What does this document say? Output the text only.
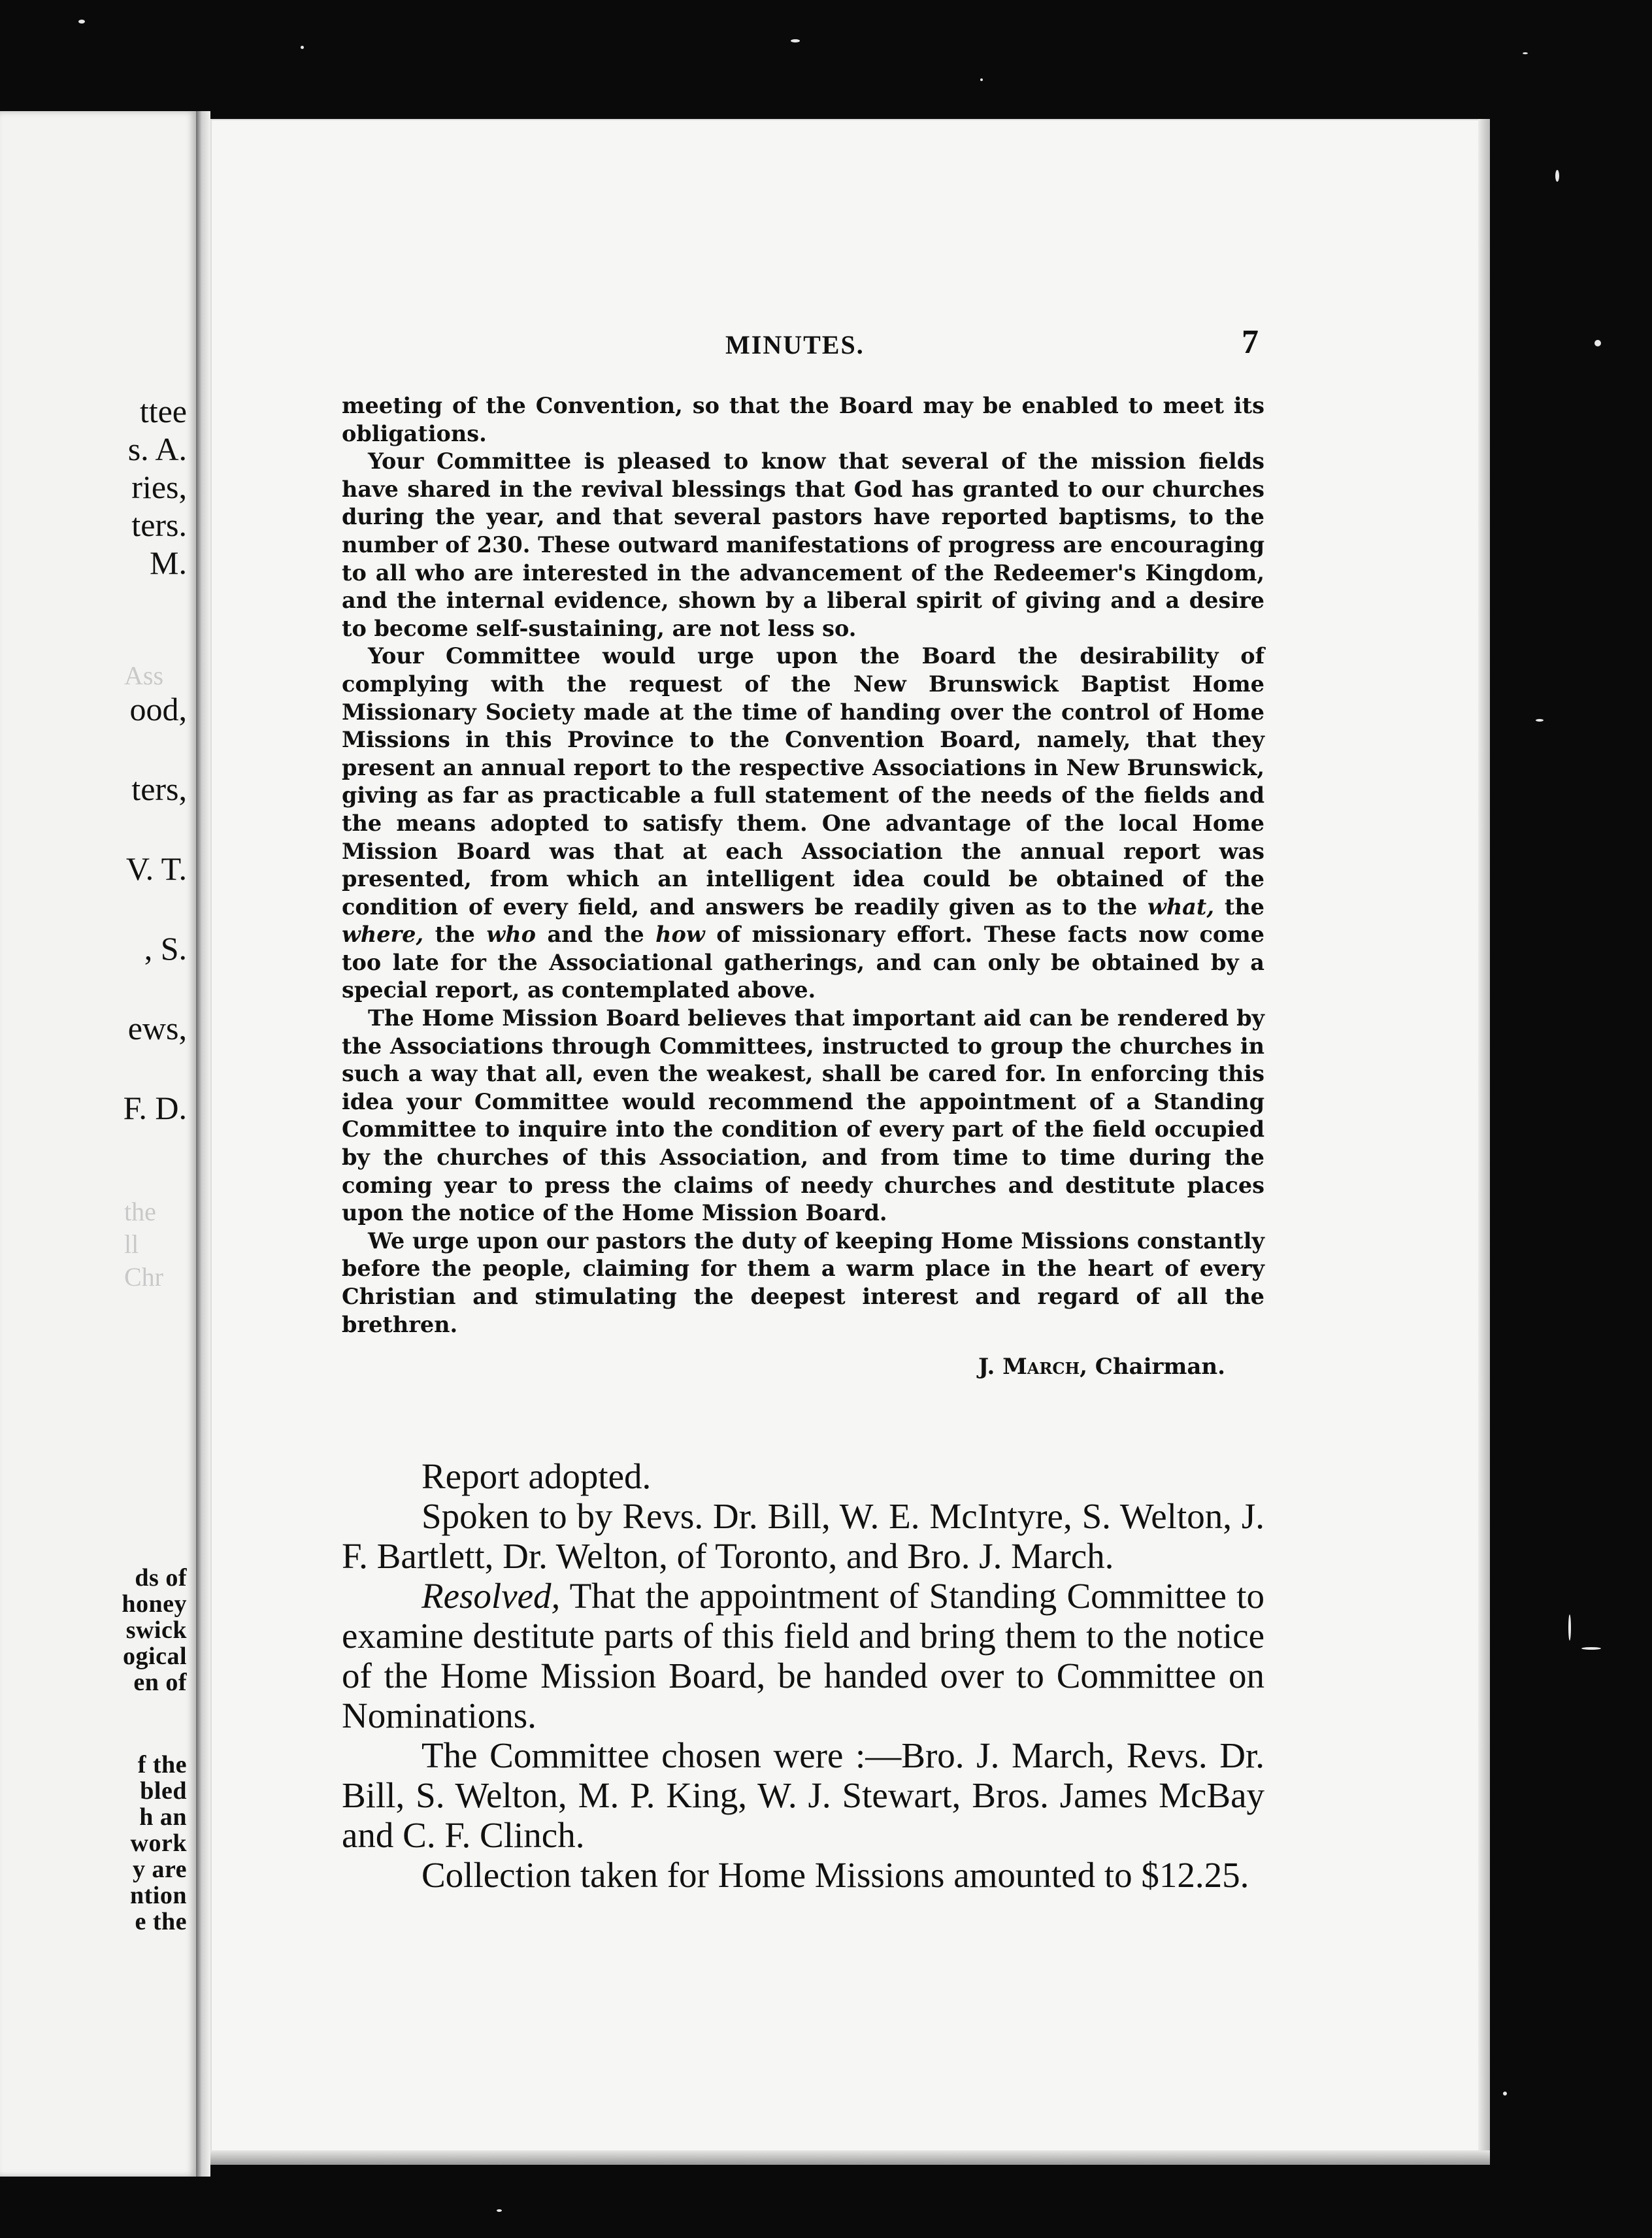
Ass
the
ll
Chr
ttee
s. A.
ries,
ters.
M.
ood,
ters,
V. T.
, S.
ews,
F. D.
ds of
honey
swick
ogical
en of
f the
bled
h an
work
y are
ntion
e the
MINUTES.	7

meeting of the Convention, so that the Board may be enabled to meet its obligations.

Your Committee is pleased to know that several of the mission fields have shared in the revival blessings that God has granted to our churches during the year, and that several pastors have reported baptisms, to the number of 230. These outward manifestations of progress are encouraging to all who are interested in the advancement of the Redeemer's Kingdom, and the internal evidence, shown by a liberal spirit of giving and a desire to become self-sustaining, are not less so.

Your Committee would urge upon the Board the desirability of complying with the request of the New Brunswick Baptist Home Missionary Society made at the time of handing over the control of Home Missions in this Province to the Convention Board, namely, that they present an annual report to the respective Associations in New Brunswick, giving as far as practicable a full statement of the needs of the fields and the means adopted to satisfy them. One advantage of the local Home Mission Board was that at each Association the annual report was presented, from which an intelligent idea could be obtained of the condition of every field, and answers be readily given as to the what, the where, the who and the how of missionary effort. These facts now come too late for the Associational gatherings, and can only be obtained by a special report, as contemplated above.

The Home Mission Board believes that important aid can be rendered by the Associations through Committees, instructed to group the churches in such a way that all, even the weakest, shall be cared for. In enforcing this idea your Committee would recommend the appointment of a Standing Committee to inquire into the condition of every part of the field occupied by the churches of this Association, and from time to time during the coming year to press the claims of needy churches and destitute places upon the notice of the Home Mission Board.

We urge upon our pastors the duty of keeping Home Missions constantly before the people, claiming for them a warm place in the heart of every Christian and stimulating the deepest interest and regard of all the brethren.

J. March, Chairman.

Report adopted.

Spoken to by Revs. Dr. Bill, W. E. McIntyre, S. Welton, J. F. Bartlett, Dr. Welton, of Toronto, and Bro. J. March.

Resolved, That the appointment of Standing Committee to examine destitute parts of this field and bring them to the notice of the Home Mission Board, be handed over to Committee on Nominations.

The Committee chosen were :—Bro. J. March, Revs. Dr. Bill, S. Welton, M. P. King, W. J. Stewart, Bros. James McBay and C. F. Clinch.

Collection taken for Home Missions amounted to $12.25.
